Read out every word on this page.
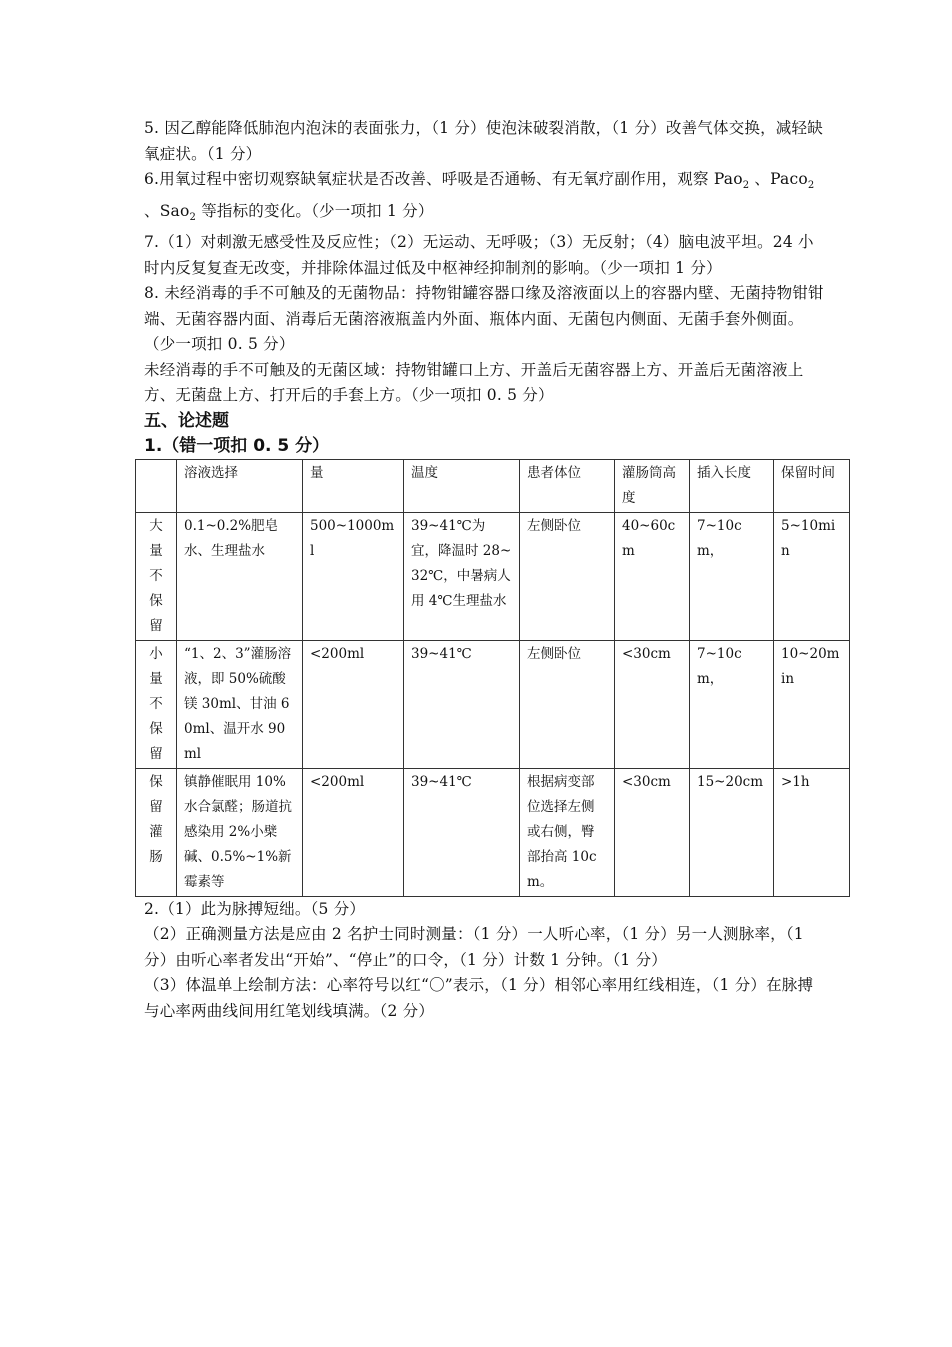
5. 因乙醇能降低肺泡内泡沫的表面张力，（1 分）使泡沫破裂消散，（1 分）改善气体交换，减轻缺氧症状。（1 分）

6.用氧过程中密切观察缺氧症状是否改善、呼吸是否通畅、有无氧疗副作用，观察 Pao$_2$ 、Paco$_2$ 、Sao$_2$ 等指标的变化。（少一项扣 1 分）

7.（1）对刺激无感受性及反应性；（2）无运动、无呼吸；（3）无反射；（4）脑电波平坦。24 小时内反复复查无改变，并排除体温过低及中枢神经抑制剂的影响。（少一项扣 1 分）

8. 未经消毒的手不可触及的无菌物品：持物钳罐容器口缘及溶液面以上的容器内壁、无菌持物钳钳端、无菌容器内面、消毒后无菌溶液瓶盖内外面、瓶体内面、无菌包内侧面、无菌手套外侧面。（少一项扣 0. 5 分）

未经消毒的手不可触及的无菌区域：持物钳罐口上方、开盖后无菌容器上方、开盖后无菌溶液上方、无菌盘上方、打开后的手套上方。（少一项扣 0. 5 分）

五、论述题

1.（错一项扣 0. 5 分）

	溶液选择	量	温度	患者体位	灌肠筒高度	插入长度	保留时间
大量不保留	0.1~0.2%肥皂水、生理盐水	500~1000ml	39~41℃为宜，降温时 28~32℃，中暑病人用 4℃生理盐水	左侧卧位	40~60cm	7~10cm，	5~10min
小量不保留	“1、2、3”灌肠溶液，即 50%硫酸镁 30ml、甘油 60ml、温开水 90ml	<200ml	39~41℃	左侧卧位	<30cm	7~10cm，	10~20min
保留灌肠	镇静催眠用 10%水合氯醛；肠道抗感染用 2%小檗碱、0.5%~1%新霉素等	<200ml	39~41℃	根据病变部位选择左侧或右侧，臀部抬高 10cm。	<30cm	15~20cm	>1h

2.（1）此为脉搏短绌。（5 分）

（2）正确测量方法是应由 2 名护士同时测量：（1 分）一人听心率，（1 分）另一人测脉率，（1 分）由听心率者发出“开始”、“停止”的口令，（1 分）计数 1 分钟。（1 分）

（3）体温单上绘制方法：心率符号以红“〇”表示，（1 分）相邻心率用红线相连，（1 分）在脉搏与心率两曲线间用红笔划线填满。（2 分）
